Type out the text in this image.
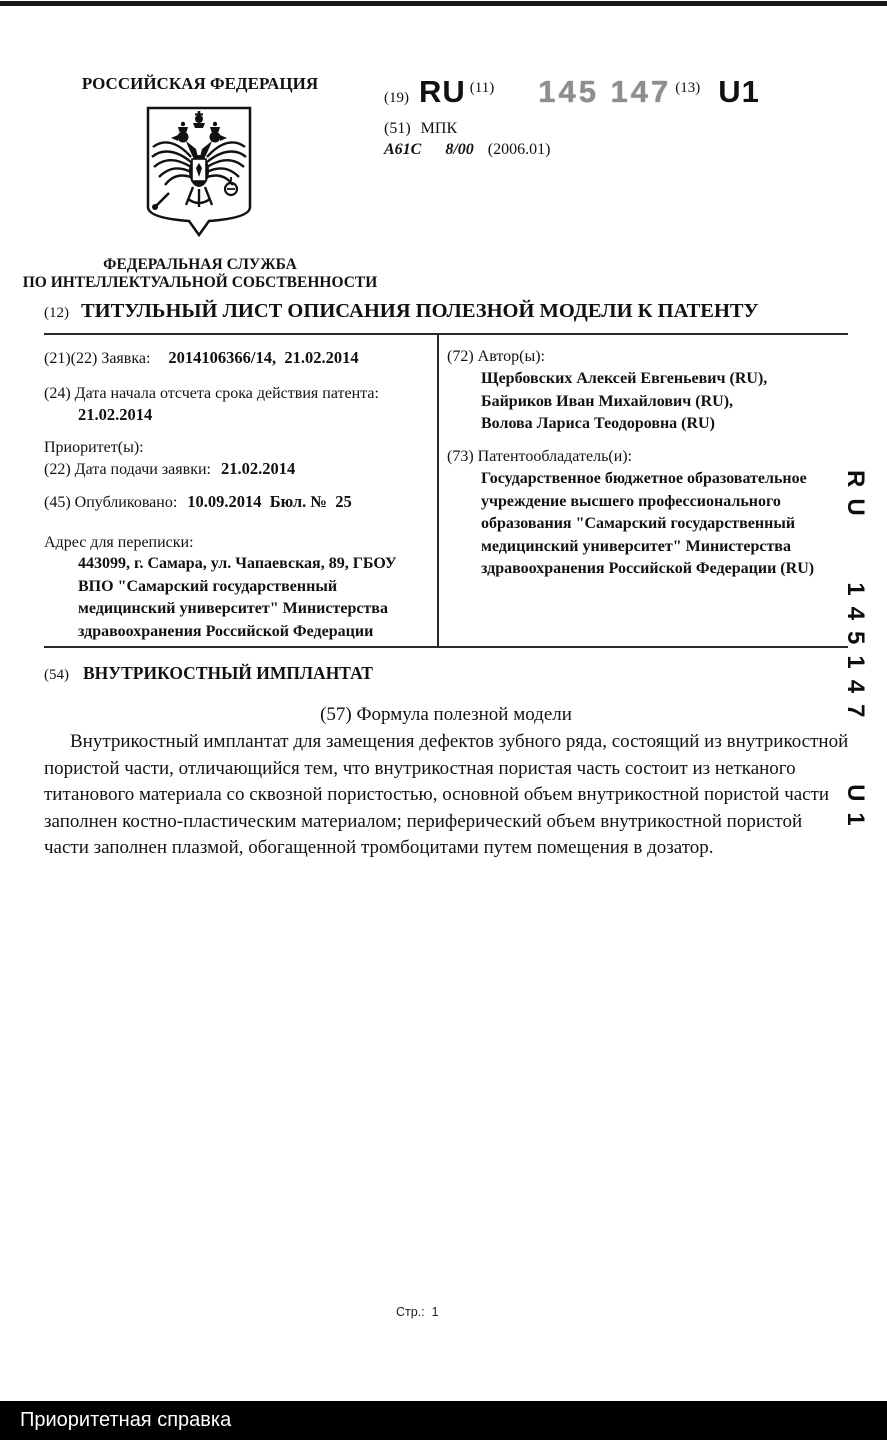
РОССИЙСКАЯ ФЕДЕРАЦИЯ
ФЕДЕРАЛЬНАЯ СЛУЖБА
ПО ИНТЕЛЛЕКТУАЛЬНОЙ СОБСТВЕННОСТИ
(19) RU (11) 145 147 (13) U1
(51) МПК
A61C 8/00 (2006.01)
(12) ТИТУЛЬНЫЙ ЛИСТ ОПИСАНИЯ ПОЛЕЗНОЙ МОДЕЛИ К ПАТЕНТУ
(21)(22) Заявка: 2014106366/14,  21.02.2014
(24) Дата начала отсчета срока действия патента:
21.02.2014
Приоритет(ы):
(22) Дата подачи заявки: 21.02.2014
(45) Опубликовано: 10.09.2014  Бюл. №  25
Адрес для переписки:
443099, г. Самара, ул. Чапаевская, 89, ГБОУ ВПО "Самарский государственный медицинский университет" Министерства здравоохранения Российской Федерации
(72) Автор(ы):
Щербовских Алексей Евгеньевич (RU),
Байриков Иван Михайлович (RU),
Волова Лариса Теодоровна (RU)
(73) Патентообладатель(и):
Государственное бюджетное образовательное учреждение высшего профессионального образования "Самарский государственный медицинский университет" Министерства здравоохранения Российской Федерации (RU) RU 145147 U1
(54) ВНУТРИКОСТНЫЙ ИМПЛАНТАТ
(57) Формула полезной модели
Внутрикостный имплантат для замещения дефектов зубного ряда, состоящий из внутрикостной пористой части, отличающийся тем, что внутрикостная пористая часть состоит из нетканого титанового материала со сквозной пористостью, основной объем внутрикостной пористой части заполнен костно-пластическим материалом; периферический объем внутрикостной пористой части заполнен плазмой, обогащенной тромбоцитами путем помещения в дозатор.
Стр.:  1
Приоритетная справка
